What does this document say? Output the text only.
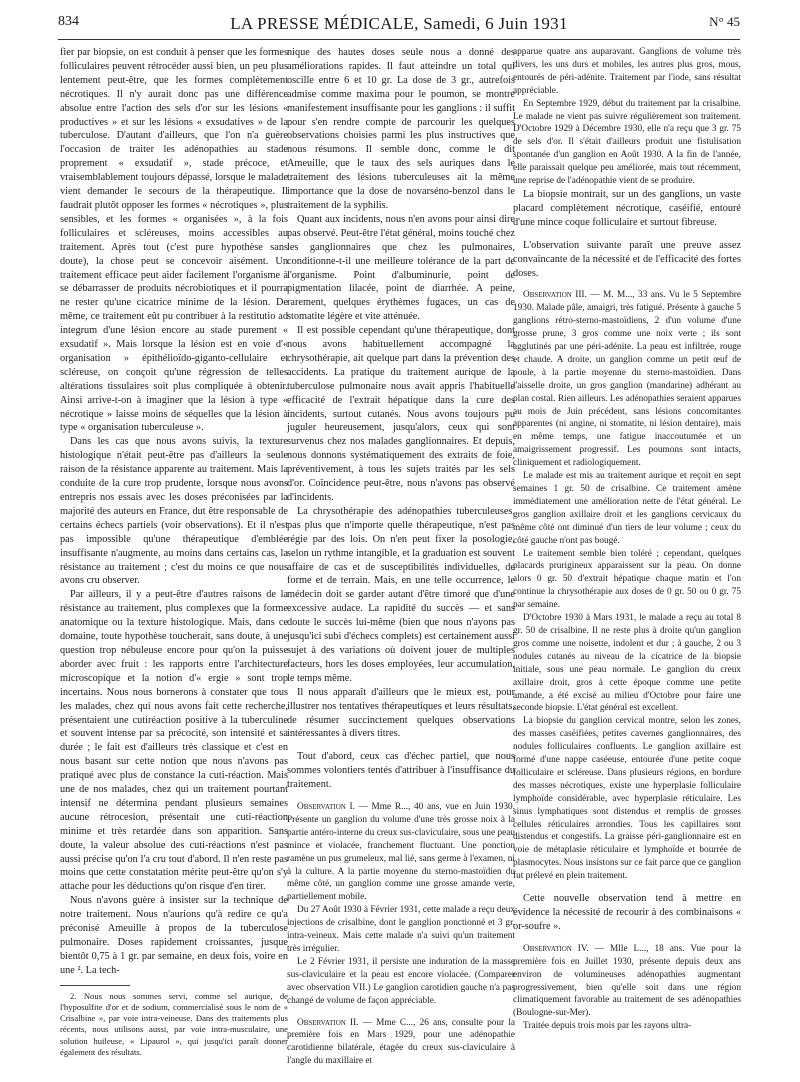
834	LA PRESSE MÉDICALE, Samedi, 6 Juin 1931	N° 45

fier par biopsie, on est conduit à penser que les formes folliculaires peuvent rétrocéder aussi bien, un peu plus lentement peut-être, que les formes complètement nécrotiques. Il n'y aurait donc pas une différence absolue entre l'action des sels d'or sur les lésions « productives » et sur les lésions « exsudatives » de la tuberculose. D'autant d'ailleurs, que l'on n'a guère l'occasion de traiter les adénopathies au stade proprement « exsudatif », stade précoce, et vraisemblablement toujours dépassé, lorsque le malade vient demander le secours de la thérapeutique. Il faudrait plutôt opposer les formes « nécrotiques », plus sensibles, et les formes « organisées », à la fois folliculaires et scléreuses, moins accessibles au traitement. Après tout (c'est pure hypothèse sans doute), la chose peut se concevoir aisément. Un traitement efficace peut aider facilement l'organisme à se débarrasser de produits nécrobiotiques et il pourra ne rester qu'une cicatrice minime de la lésion. De même, ce traitement eût pu contribuer à la restitutio ad integrum d'une lésion encore au stade purement « exsudatif ». Mais lorsque la lésion est en voie d'« organisation » épithélioïdo-giganto-cellulaire et scléreuse, on conçoit qu'une régression de telles altérations tissulaires soit plus compliquée à obtenir. Ainsi arrive-t-on à imaginer que la lésion à type « nécrotique » laisse moins de séquelles que la lésion à type « organisation tuberculeuse ».

Dans les cas que nous avons suivis, la texture histologique n'était peut-être pas d'ailleurs la seule raison de la résistance apparente au traitement. Mais la conduite de la cure trop prudente, lorsque nous avons entrepris nos essais avec les doses préconisées par la majorité des auteurs en France, dut être responsable de certains échecs partiels (voir observations). Et il n'est pas impossible qu'une thérapeutique d'emblée insuffisante n'augmente, au moins dans certains cas, la résistance au traitement ; c'est du moins ce que nous avons cru observer.

Par ailleurs, il y a peut-être d'autres raisons de la résistance au traitement, plus complexes que la forme anatomique ou la texture histologique. Mais, dans ce domaine, toute hypothèse toucherait, sans doute, à une question trop nébuleuse encore pour qu'on la puisse aborder avec fruit : les rapports entre l'architecture microscopique et la notion d'« ergie » sont trop incertains. Nous nous bornerons à constater que tous les malades, chez qui nous avons fait cette recherche, présentaient une cutiréaction positive à la tuberculine et souvent intense par sa précocité, son intensité et sa durée ; le fait est d'ailleurs très classique et c'est en nous basant sur cette notion que nous n'avons pas pratiqué avec plus de constance la cuti-réaction. Mais une de nos malades, chez qui un traitement pourtant intensif ne détermina pendant plusieurs semaines aucune rétrocesion, présentait une cuti-réaction minime et très retardée dans son apparition. Sans doute, la valeur absolue des cuti-réactions n'est pas aussi précise qu'on l'a cru tout d'abord. Il n'en reste pas moins que cette constatation mérite peut-être qu'on s'y attache pour les déductions qu'on risque d'en tirer.

Nous n'avons guère à insister sur la technique de notre traitement. Nous n'aurions qu'à redire ce qu'a préconisé Ameuille à propos de la tuberculose pulmonaire. Doses rapidement croissantes, jusque bientôt 0,75 à 1 gr. par semaine, en deux fois, voire en une ². La tech-

2. Nous nous sommes servi, comme sel aurique, de l'hyposulfite d'or et de sodium, commercialisé sous le nom de « Crisalbine », par voie intra-veineuse. Dans des traitements plus récents, nous utilisons aussi, par voie intra-musculaire, une solution huileuse, « Lipaurol », qui jusqu'ici paraît donner également des résultats.

nique des hautes doses seule nous a donné des améliorations rapides. Il faut atteindre un total qui oscille entre 6 et 10 gr. La dose de 3 gr., autrefois admise comme maxima pour le poumon, se montre manifestement insuffisante pour les ganglions : il suffit pour s'en rendre compte de parcourir les quelques observations choisies parmi les plus instructives que nous résumons. Il semble donc, comme le dit Ameuille, que le taux des sels auriques dans le traitement des lésions tuberculeuses ait la même importance que la dose de novarséno-benzol dans le traitement de la syphilis.

Quant aux incidents, nous n'en avons pour ainsi dire pas observé. Peut-être l'état général, moins touché chez les ganglionnaires que chez les pulmonaires, conditionne-t-il une meilleure tolérance de la part de l'organisme. Point d'albuminurie, point de pigmentation lilacée, point de diarrhée. A peine, rarement, quelques érythèmes fugaces, un cas de stomatite légère et vite atténuée.

Il est possible cependant qu'une thérapeutique, dont nous avons habituellement accompagné la chrysothérapie, ait quelque part dans la prévention des accidents. La pratique du traitement aurique de la tuberculose pulmonaire nous avait appris l'habituelle efficacité de l'extrait hépatique dans la cure des incidents, surtout cutanés. Nous avons toujours pu juguler heureusement, jusqu'alors, ceux qui sont survenus chez nos malades ganglionnaires. Et depuis, nous donnons systématiquement des extraits de foie, préventivement, à tous les sujets traités par les sels d'or. Coïncidence peut-être, nous n'avons pas observé d'incidents.

La chrysothérapie des adénopathies tuberculeuses, pas plus que n'importe quelle thérapeutique, n'est pas régie par des lois. On n'en peut fixer la posologie, selon un rythme intangible, et la graduation est souvent affaire de cas et de susceptibilités individuelles, de forme et de terrain. Mais, en une telle occurrence, le médecin doit se garder autant d'être timoré que d'une excessive audace. La rapidité du succès — et sans doute le succès lui-même (bien que nous n'ayons pas jusqu'ici subi d'échecs complets) est certainement aussi sujet à des variations où doivent jouer de multiples facteurs, hors les doses employées, leur accumulation, le temps même.

Il nous apparaît d'ailleurs que le mieux est, pour illustrer nos tentatives thérapeutiques et leurs résultats, de résumer succinctement quelques observations intéressantes à divers titres.

Tout d'abord, ceux cas d'échec partiel, que nous sommes volontiers tentés d'attribuer à l'insuffisance du traitement.

Observation I. — Mme R..., 40 ans, vue en Juin 1930. Présente un ganglion du volume d'une très grosse noix à la partie antéro-interne du creux sus-claviculaire, sous une peau mince et violacée, franchement fluctuant. Une ponction ramène un pus grumeleux, mal lié, sans germe à l'examen, ni à la culture. A la partie moyenne du sterno-mastoïdien du même côté, un ganglion comme une grosse amande verte, partiellement mobile.

Du 27 Août 1930 à Février 1931, cette malade a reçu deux injections de crisalbine, dont le ganglion ponctionné et 3 gr. intra-veineux. Mais cette malade n'a suivi qu'un traitement très irrégulier.

Le 2 Février 1931, il persiste une induration de la masse sus-claviculaire et la peau est encore violacée. (Comparer avec observation VII.) Le ganglion carotidien gauche n'a pas changé de volume de façon appréciable.

Observation II. — Mme C..., 26 ans, consulte pour la première fois en Mars 1929, pour une adénopathie carotidienne bilatérale, étagée du creux sus-claviculaire à l'angle du maxillaire et

apparue quatre ans auparavant. Ganglions de volume très divers, les uns durs et mobiles, les autres plus gros, mous, entourés de péri-adénite. Traitement par l'iode, sans résultat appréciable.

En Septembre 1929, début du traitement par la crisalbine. Le malade ne vient pas suivre régulièrement son traitement. D'Octobre 1929 à Décembre 1930, elle n'a reçu que 3 gr. 75 de sels d'or. Il s'était d'ailleurs produit une fistulisation spontanée d'un ganglion en Août 1930. A la fin de l'année, elle paraissait quelque peu améliorée, mais tout récemment, une reprise de l'adénopathie vient de se produire.

La biopsie montrait, sur un des ganglions, un vaste placard complètement nécrotique, caséifié, entouré d'une mince coque folliculaire et surtout fibreuse.

L'observation suivante paraît une preuve assez convaincante de la nécessité et de l'efficacité des fortes doses.

Observation III. — M. M..., 33 ans. Vu le 5 Septembre 1930. Malade pâle, amaigri, très fatigué. Présente à gauche 5 ganglions rétro-sterno-mastoïdiens, 2 d'un volume d'une grosse prune, 3 gros comme une noix verte ; ils sont agglutinés par une péri-adénite. La peau est infiltrée, rouge et chaude. A droite, un ganglion comme un petit œuf de poule, à la partie moyenne du sterno-mastoïdien. Dans l'aisselle droite, un gros ganglion (mandarine) adhérant au plan costal. Rien ailleurs. Les adénopathies seraient apparues au mois de Juin précédent, sans lésions concomitantes apparentes (ni angine, ni stomatite, ni lésion dentaire), mais en même temps, une fatigue inaccoutumée et un amaigrissement progressif. Les poumons sont intacts, cliniquement et radiologiquement.

Le malade est mis au traitement aurique et reçoit en sept semaines 1 gr. 50 de crisalbine. Ce traitement amène immédiatement une amélioration nette de l'état général. Le gros ganglion axillaire droit et les ganglions cervicaux du même côté ont diminué d'un tiers de leur volume ; ceux du côté gauche n'ont pas bougé.

Le traitement semble bien toléré ; cependant, quelques placards prurigineux apparaissent sur la peau. On donne alors 0 gr. 50 d'extrait hépatique chaque matin et l'on continue la chrysothérapie aux doses de 0 gr. 50 ou 0 gr. 75 par semaine.

D'Octobre 1930 à Mars 1931, le malade a reçu au total 8 gr. 50 de crisalbine. Il ne reste plus à droite qu'un ganglion gros comme une noisette, indolent et dur ; à gauche, 2 ou 3 nodules cutanés au niveau de la cicatrice de la biopsie initiale, sous une peau normale. Le ganglion du creux axillaire droit, gros à cette époque comme une petite amande, a été excisé au milieu d'Octobre pour faire une seconde biopsie. L'état général est excellent.

La biopsie du ganglion cervical montre, selon les zones, des masses caséifiées, petites cavernes ganglionnaires, des nodules folliculaires confluents. Le ganglion axillaire est formé d'une nappe caséeuse, entourée d'une petite coque folliculaire et scléreuse. Dans plusieurs régions, en bordure des masses nécrotiques, existe une hyperplasie folliculaire lymphoïde considérable, avec hyperplasie réticulaire. Les sinus lymphatiques sont distendus et remplis de grosses cellules réticulaires arrondies. Tous les capillaires sont distendus et congestifs. La graisse péri-ganglionnaire est en voie de métaplasie réticulaire et lymphoïde et bourrée de plasmocytes. Nous insistons sur ce fait parce que ce ganglion fut prélevé en plein traitement.

Cette nouvelle observation tend à mettre en évidence la nécessité de recourir à des combinaisons « or-soufre ».

Observation IV. — Mlle L..., 18 ans. Vue pour la première fois en Juillet 1930, présente depuis deux ans environ de volumineuses adénopathies augmentant progressivement, bien qu'elle soit dans une région climatiquement favorable au traitement de ses adénopathies (Boulogne-sur-Mer).

Traitée depuis trois mois par les rayons ultra-
